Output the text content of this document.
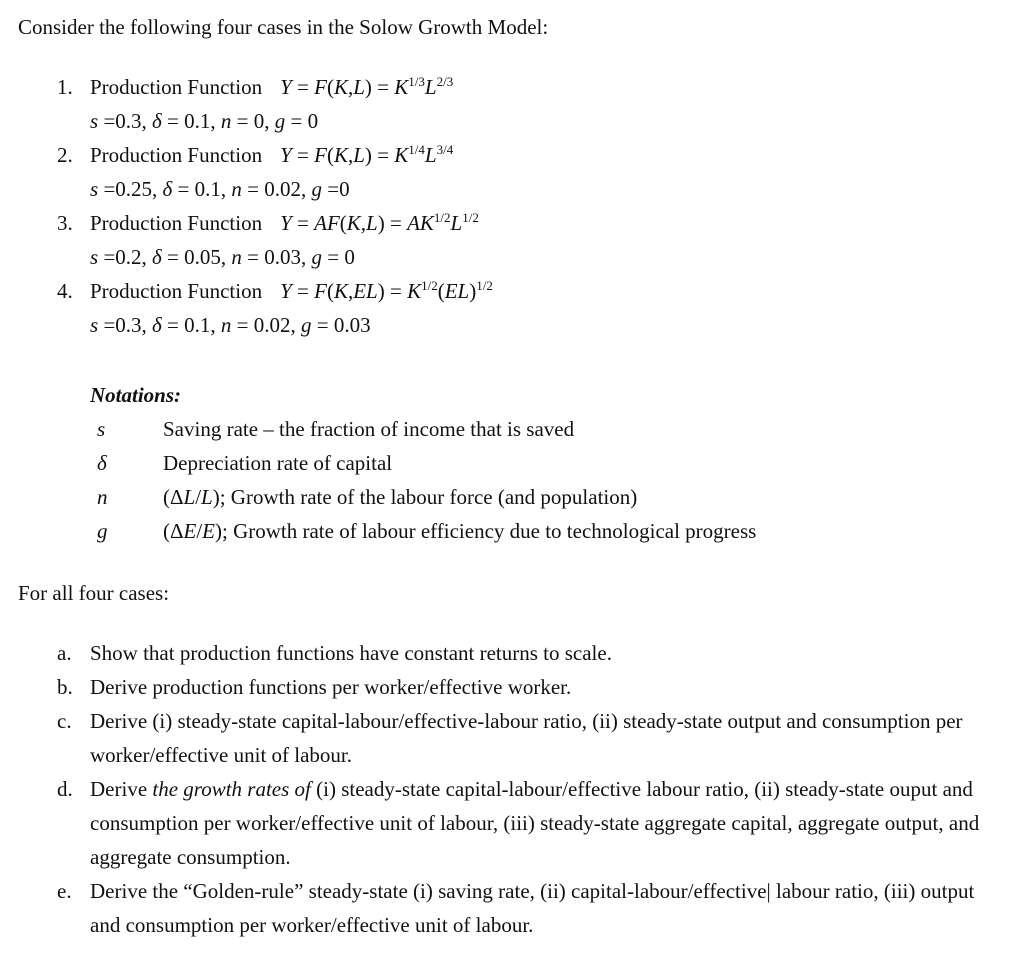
Consider the following four cases in the Solow Growth Model:

1. Production Function $Y = F(K,L) = K^{1/3}L^{2/3}$
s =0.3, δ = 0.1, n = 0, g = 0
2. Production Function $Y = F(K,L) = K^{1/4}L^{3/4}$
s =0.25, δ = 0.1, n = 0.02, g =0
3. Production Function $Y = AF(K,L) = AK^{1/2}L^{1/2}$
s =0.2, δ = 0.05, n = 0.03, g = 0
4. Production Function $Y = F(K,EL) = K^{1/2}(EL)^{1/2}$
s =0.3, δ = 0.1, n = 0.02, g = 0.03
Notations:
s	Saving rate – the fraction of income that is saved
δ	Depreciation rate of capital
n	(ΔL/L); Growth rate of the labour force (and population)
g	(ΔE/E); Growth rate of labour efficiency due to technological progress

For all four cases:

a. Show that production functions have constant returns to scale.
b. Derive production functions per worker/effective worker.
c. Derive (i) steady-state capital-labour/effective-labour ratio, (ii) steady-state output and consumption per worker/effective unit of labour.
d. Derive the growth rates of (i) steady-state capital-labour/effective labour ratio, (ii) steady-state ouput and consumption per worker/effective unit of labour, (iii) steady-state aggregate capital, aggregate output, and aggregate consumption.
e. Derive the “Golden-rule” steady-state (i) saving rate, (ii) capital-labour/effective| labour ratio, (iii) output and consumption per worker/effective unit of labour.
